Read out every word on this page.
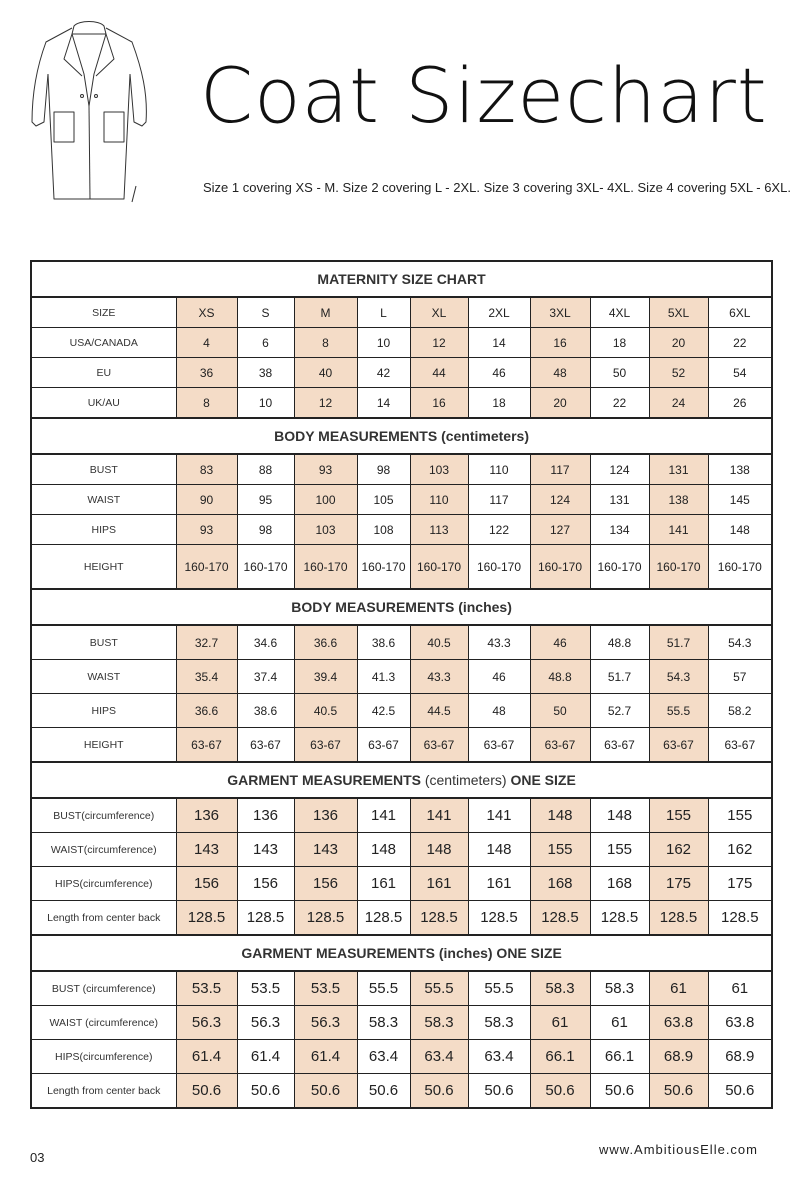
Coat Sizechart
Size 1 covering XS - M. Size 2 covering L - 2XL. Size 3 covering 3XL- 4XL. Size 4 covering 5XL - 6XL.
MATERNITY SIZE CHART										
SIZE	XS	S	M	L	XL	2XL	3XL	4XL	5XL	6XL
USA/CANADA	4	6	8	10	12	14	16	18	20	22
EU	36	38	40	42	44	46	48	50	52	54
UK/AU	8	10	12	14	16	18	20	22	24	26
BODY MEASUREMENTS (centimeters)										
BUST	83	88	93	98	103	110	117	124	131	138
WAIST	90	95	100	105	110	117	124	131	138	145
HIPS	93	98	103	108	113	122	127	134	141	148
HEIGHT	160-170	160-170	160-170	160-170	160-170	160-170	160-170	160-170	160-170	160-170
BODY MEASUREMENTS (inches)										
BUST	32.7	34.6	36.6	38.6	40.5	43.3	46	48.8	51.7	54.3
WAIST	35.4	37.4	39.4	41.3	43.3	46	48.8	51.7	54.3	57
HIPS	36.6	38.6	40.5	42.5	44.5	48	50	52.7	55.5	58.2
HEIGHT	63-67	63-67	63-67	63-67	63-67	63-67	63-67	63-67	63-67	63-67
GARMENT MEASUREMENTS (centimeters) ONE SIZE										
BUST(circumference)	136	136	136	141	141	141	148	148	155	155
WAIST(circumference)	143	143	143	148	148	148	155	155	162	162
HIPS(circumference)	156	156	156	161	161	161	168	168	175	175
Length from center back	128.5	128.5	128.5	128.5	128.5	128.5	128.5	128.5	128.5	128.5
GARMENT MEASUREMENTS (inches) ONE SIZE										
BUST (circumference)	53.5	53.5	53.5	55.5	55.5	55.5	58.3	58.3	61	61
WAIST (circumference)	56.3	56.3	56.3	58.3	58.3	58.3	61	61	63.8	63.8
HIPS(circumference)	61.4	61.4	61.4	63.4	63.4	63.4	66.1	66.1	68.9	68.9
Length from center back	50.6	50.6	50.6	50.6	50.6	50.6	50.6	50.6	50.6	50.6
03
www.AmbitiousElle.com
